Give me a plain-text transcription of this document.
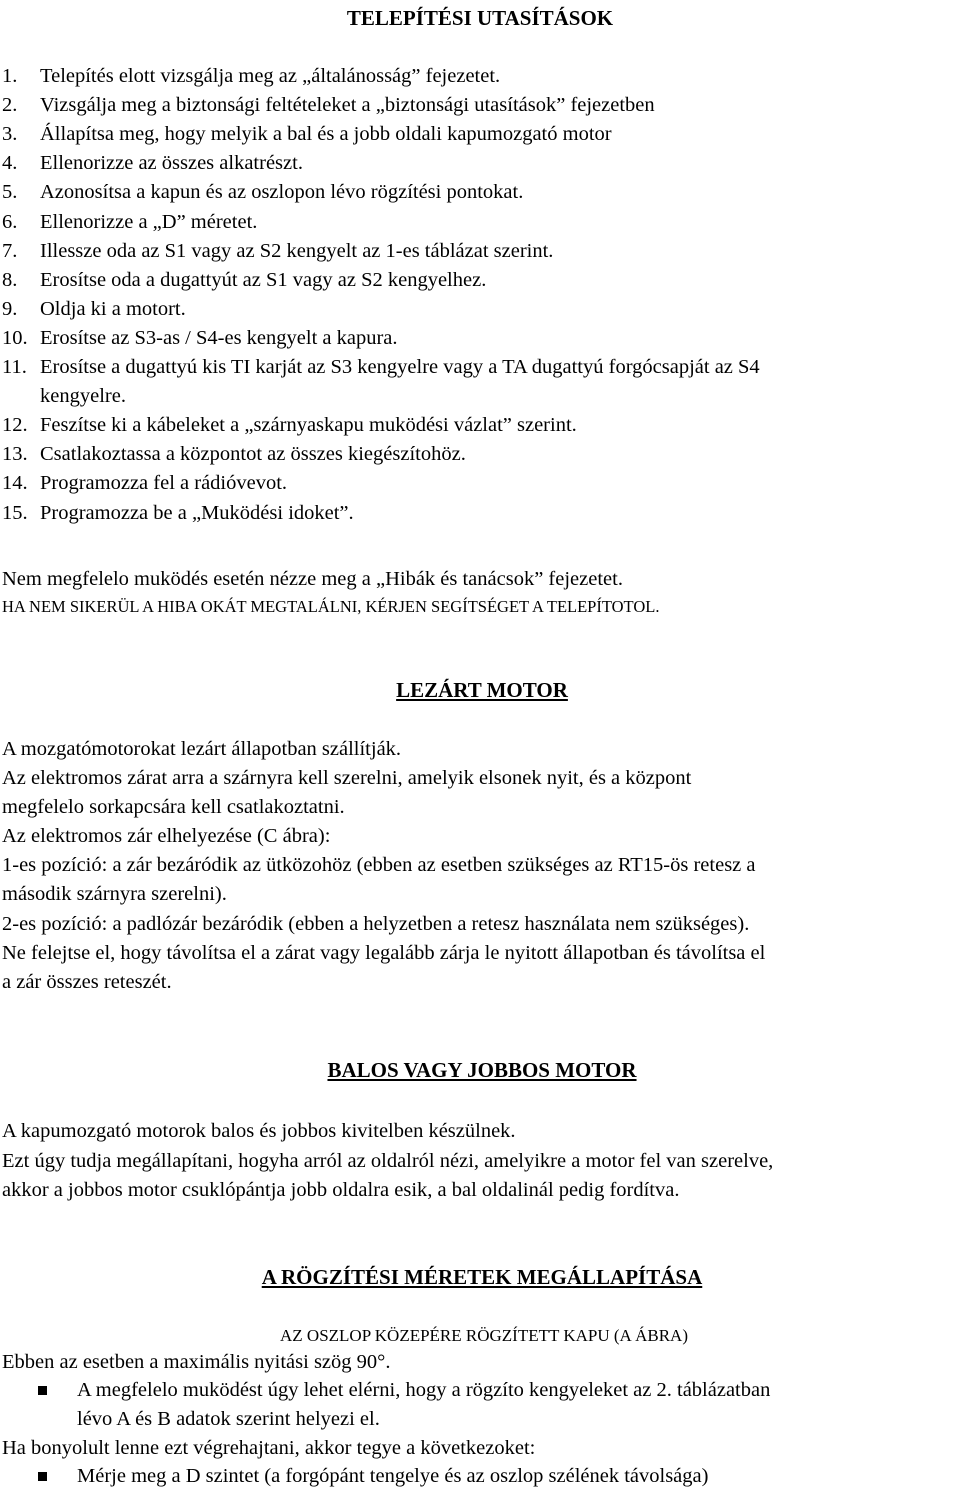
TELEPÍTÉSI UTASÍTÁSOK
1. Telepítés elott vizsgálja meg az „általánosság” fejezetet.
2. Vizsgálja meg a biztonsági feltételeket a „biztonsági utasítások” fejezetben
3. Állapítsa meg, hogy melyik a bal és a jobb oldali kapumozgató motor
4. Ellenorizze az összes alkatrészt.
5. Azonosítsa a kapun és az oszlopon lévo rögzítési pontokat.
6. Ellenorizze a „D” méretet.
7. Illessze oda az S1 vagy az S2 kengyelt az 1-es táblázat szerint.
8. Erosítse oda a dugattyút az S1 vagy az S2 kengyelhez.
9. Oldja ki a motort.
10. Erosítse az S3-as / S4-es kengyelt a kapura.
11. Erosítse a dugattyú kis TI karját az S3 kengyelre vagy a TA dugattyú forgócsapját az S4
kengyelre.
12. Feszítse ki a kábeleket a „szárnyaskapu muködési vázlat” szerint.
13. Csatlakoztassa a központot az összes kiegészítohöz.
14. Programozza fel a rádióvevot.
15. Programozza be a „Muködési idoket”.
Nem megfelelo muködés esetén nézze meg a „Hibák és tanácsok” fejezetet.
HA NEM SIKERÜL A HIBA OKÁT MEGTALÁLNI, KÉRJEN SEGÍTSÉGET A TELEPÍTOTOL.
LEZÁRT MOTOR
A mozgatómotorokat lezárt állapotban szállítják.
Az elektromos zárat arra a szárnyra kell szerelni, amelyik elsonek nyit, és a központ
megfelelo sorkapcsára kell csatlakoztatni.
Az elektromos zár elhelyezése (C ábra):
1-es pozíció: a zár bezáródik az ütközohöz (ebben az esetben szükséges az RT15-ös retesz a
második szárnyra szerelni).
2-es pozíció: a padlózár bezáródik (ebben a helyzetben a retesz használata nem szükséges).
Ne felejtse el, hogy távolítsa el a zárat vagy legalább zárja le nyitott állapotban és távolítsa el
a zár összes reteszét.
BALOS VAGY JOBBOS MOTOR
A kapumozgató motorok balos és jobbos kivitelben készülnek.
Ezt úgy tudja megállapítani, hogyha arról az oldalról nézi, amelyikre a motor fel van szerelve,
akkor a jobbos motor csuklópántja jobb oldalra esik, a bal oldalinál pedig fordítva.
A RÖGZÍTÉSI MÉRETEK MEGÁLLAPÍTÁSA
AZ OSZLOP KÖZEPÉRE RÖGZÍTETT KAPU (A ÁBRA)
Ebben az esetben a maximális nyitási szög 90°.
A megfelelo muködést úgy lehet elérni, hogy a rögzíto kengyeleket az 2. táblázatban
lévo A és B adatok szerint helyezi el.
Ha bonyolult lenne ezt végrehajtani, akkor tegye a következoket:
Mérje meg a D szintet (a forgópánt tengelye és az oszlop szélének távolsága)
